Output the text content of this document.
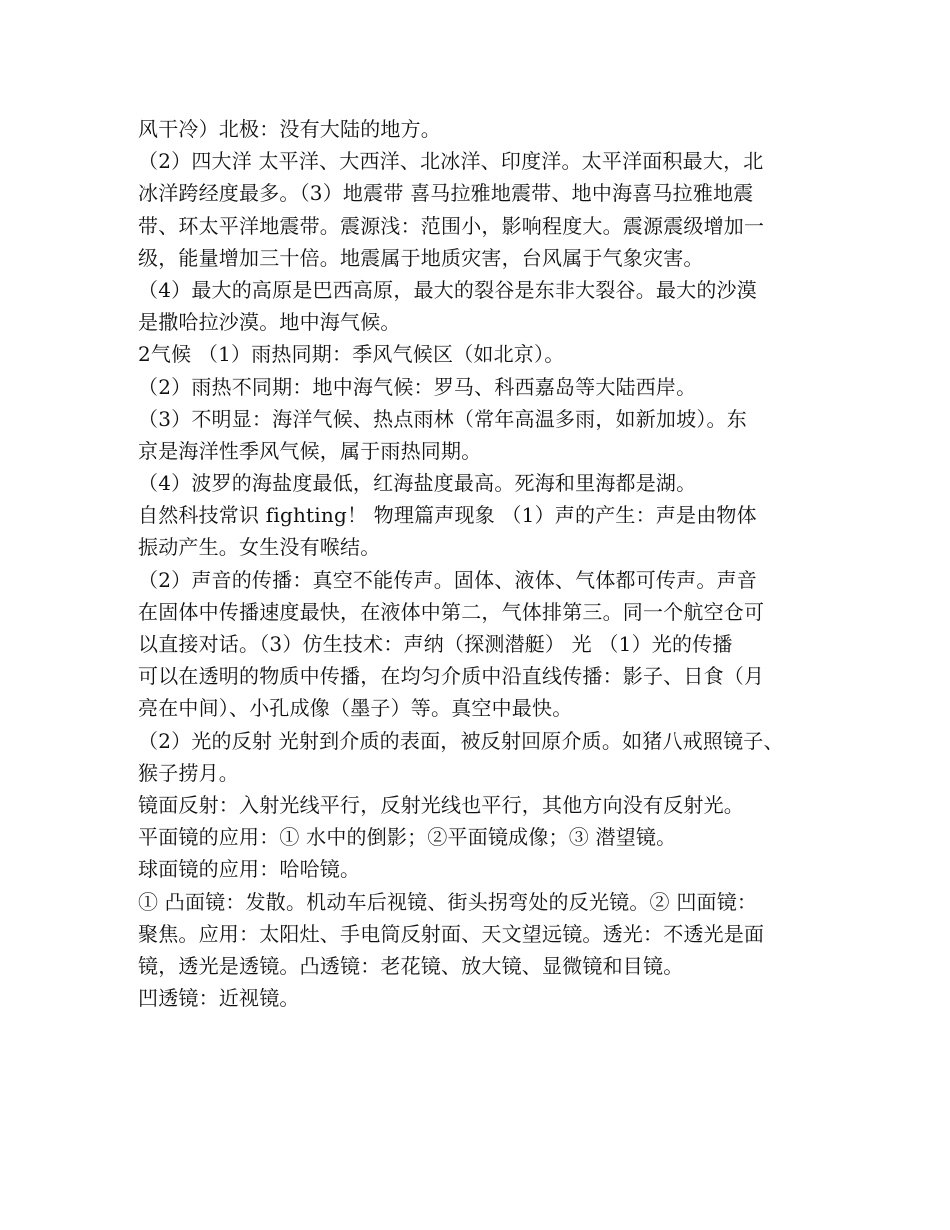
风干冷）北极：没有大陆的地方。
（2）四大洋 太平洋、大西洋、北冰洋、印度洋。太平洋面积最大，北
冰洋跨经度最多。（3）地震带 喜马拉雅地震带、地中海喜马拉雅地震
带、环太平洋地震带。震源浅：范围小，影响程度大。震源震级增加一
级，能量增加三十倍。地震属于地质灾害，台风属于气象灾害。
（4）最大的高原是巴西高原，最大的裂谷是东非大裂谷。最大的沙漠
是撒哈拉沙漠。地中海气候。
2气候 （1）雨热同期：季风气候区（如北京）。
（2）雨热不同期：地中海气候：罗马、科西嘉岛等大陆西岸。
（3）不明显：海洋气候、热点雨林（常年高温多雨，如新加坡）。东
京是海洋性季风气候，属于雨热同期。
（4）波罗的海盐度最低，红海盐度最高。死海和里海都是湖。
自然科技常识 fighting！ 物理篇声现象 （1）声的产生：声是由物体
振动产生。女生没有喉结。
（2）声音的传播：真空不能传声。固体、液体、气体都可传声。声音
在固体中传播速度最快，在液体中第二，气体排第三。同一个航空仓可
以直接对话。（3）仿生技术：声纳（探测潜艇） 光 （1）光的传播
可以在透明的物质中传播，在均匀介质中沿直线传播：影子、日食（月
亮在中间）、小孔成像（墨子）等。真空中最快。
（2）光的反射 光射到介质的表面，被反射回原介质。如猪八戒照镜子、
猴子捞月。
镜面反射：入射光线平行，反射光线也平行，其他方向没有反射光。
平面镜的应用：① 水中的倒影；②平面镜成像；③ 潜望镜。
球面镜的应用：哈哈镜。
① 凸面镜：发散。机动车后视镜、街头拐弯处的反光镜。② 凹面镜：
聚焦。应用：太阳灶、手电筒反射面、天文望远镜。透光：不透光是面
镜，透光是透镜。凸透镜：老花镜、放大镜、显微镜和目镜。
凹透镜：近视镜。
